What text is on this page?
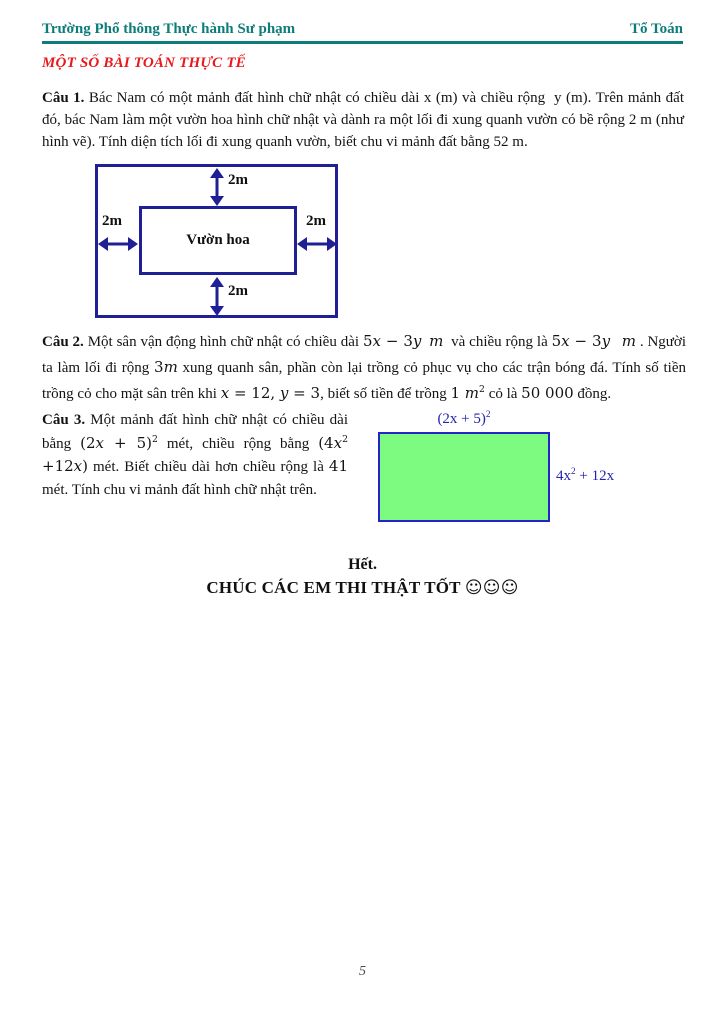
Trường Phổ thông Thực hành Sư phạm	Tổ Toán
MỘT SỐ BÀI TOÁN THỰC TẾ
Câu 1. Bác Nam có một mảnh đất hình chữ nhật có chiều dài x (m) và chiều rộng  y (m). Trên mảnh đất đó, bác Nam làm một vườn hoa hình chữ nhật và dành ra một lối đi xung quanh vườn có bề rộng 2 m (như hình vẽ). Tính diện tích lối đi xung quanh vườn, biết chu vi mảnh đất bằng 52 m.
Vườn hoa
2m
2m
2m	2m
Câu 2. Một sân vận động hình chữ nhật có chiều dài 5x − 3y m  và chiều rộng là 5x − 3y m . Người ta làm lối đi rộng 3m xung quanh sân, phần còn lại trồng cỏ phục vụ cho các trận bóng đá. Tính số tiền trồng cỏ cho mặt sân trên khi x = 12, y = 3, biết số tiền để trồng 1 $m^2$ cỏ là 50 000 đồng.
Câu 3. Một mảnh đất hình chữ nhật có chiều dài bằng $(2x + 5)^2$ mét, chiều rộng bằng $(4x^2 +12x)$ mét. Biết chiều dài hơn chiều rộng là 41 mét. Tính chu vi mảnh đất hình chữ nhật trên.
$(2x + 5)^2$
$4x^2 + 12x$
Hết.
CHÚC CÁC EM THI THẬT TỐT ☺☺☺
5
